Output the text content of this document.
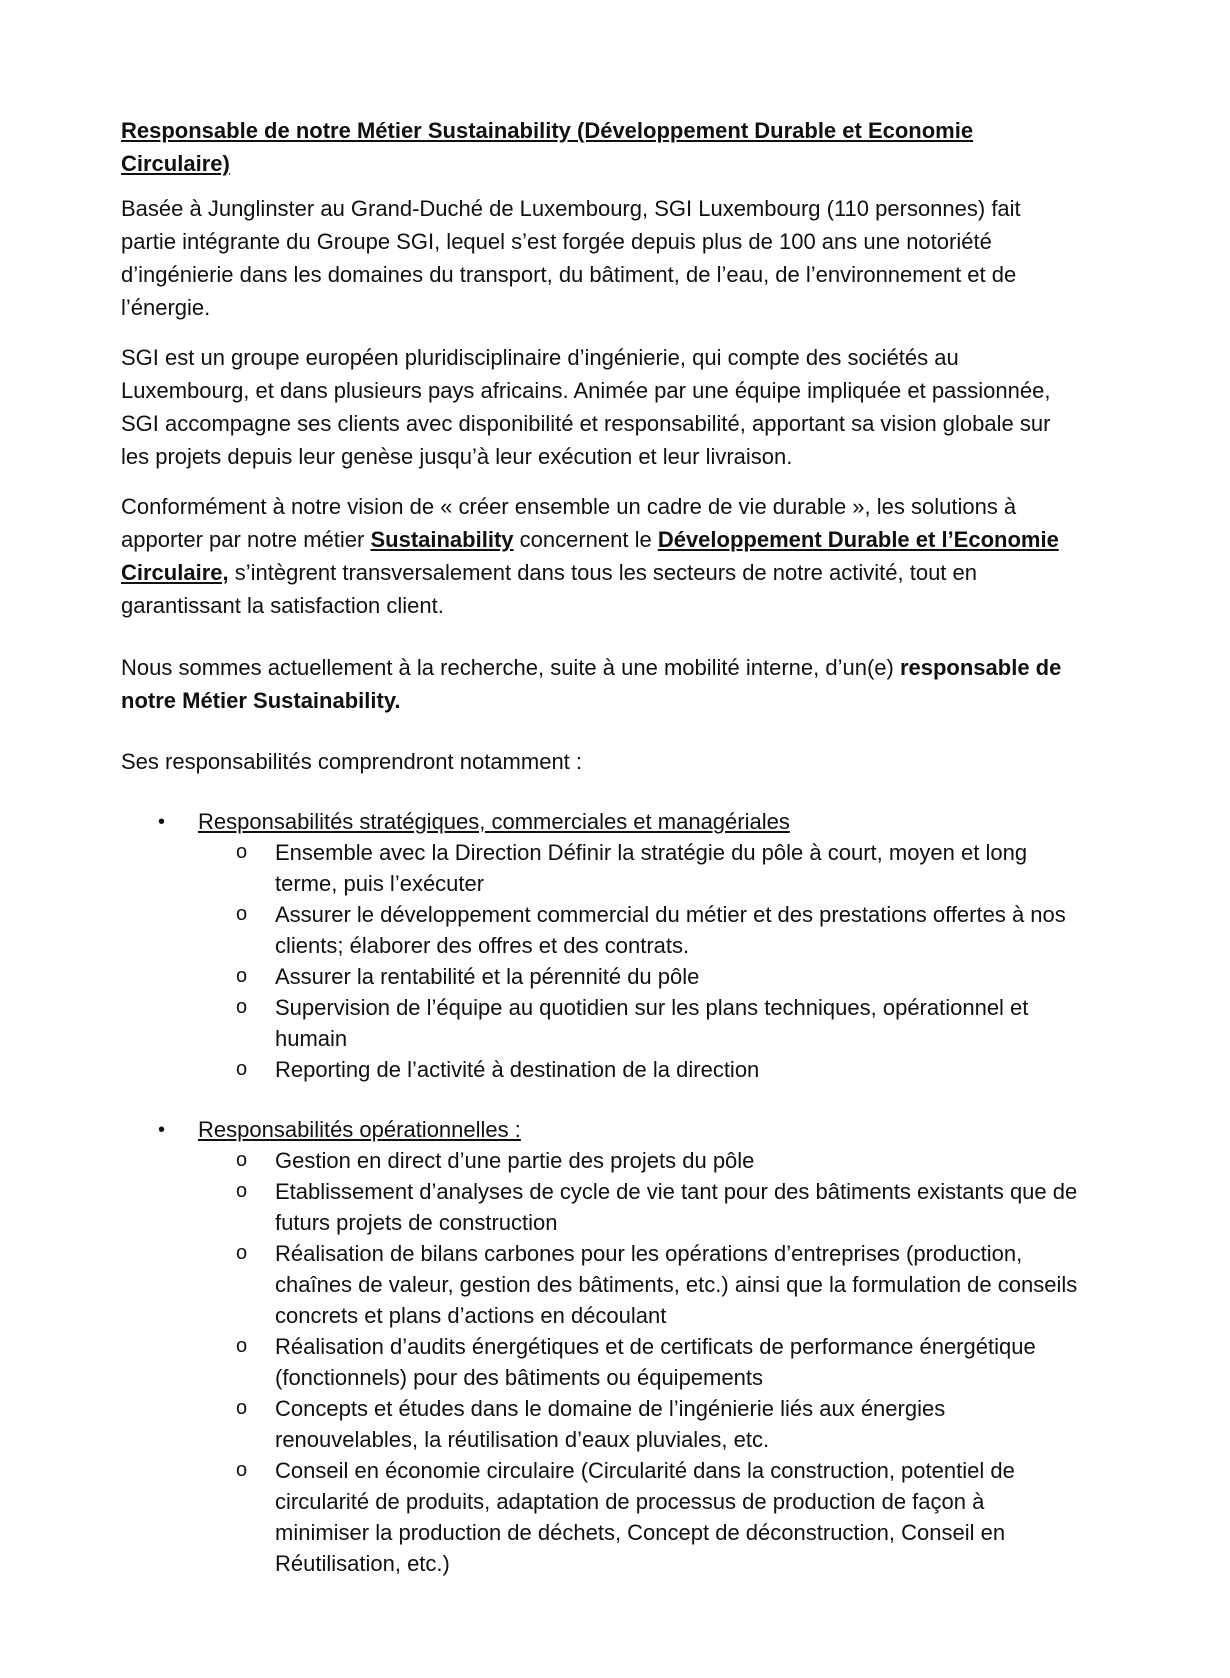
Responsable de notre Métier Sustainability (Développement Durable et Economie Circulaire)

Basée à Junglinster au Grand-Duché de Luxembourg, SGI Luxembourg (110 personnes) fait partie intégrante du Groupe SGI, lequel s’est forgée depuis plus de 100 ans une notoriété d’ingénierie dans les domaines du transport, du bâtiment, de l’eau, de l’environnement et de l’énergie.

SGI est un groupe européen pluridisciplinaire d’ingénierie, qui compte des sociétés au Luxembourg, et dans plusieurs pays africains. Animée par une équipe impliquée et passionnée, SGI accompagne ses clients avec disponibilité et responsabilité, apportant sa vision globale sur les projets depuis leur genèse jusqu’à leur exécution et leur livraison.

Conformément à notre vision de « créer ensemble un cadre de vie durable », les solutions à apporter par notre métier Sustainability concernent le Développement Durable et l’Economie Circulaire, s’intègrent transversalement dans tous les secteurs de notre activité, tout en garantissant la satisfaction client.

Nous sommes actuellement à la recherche, suite à une mobilité interne, d’un(e) responsable de notre Métier Sustainability.

Ses responsabilités comprendront notamment :
• Responsabilités stratégiques, commerciales et managériales
o Ensemble avec la Direction Définir la stratégie du pôle à court, moyen et long terme, puis l’exécuter
o Assurer le développement commercial du métier et des prestations offertes à nos clients; élaborer des offres et des contrats.
o Assurer la rentabilité et la pérennité du pôle
o Supervision de l’équipe au quotidien sur les plans techniques, opérationnel et humain
o Reporting de l’activité à destination de la direction
• Responsabilités opérationnelles :
o Gestion en direct d’une partie des projets du pôle
o Etablissement d’analyses de cycle de vie tant pour des bâtiments existants que de futurs projets de construction
o Réalisation de bilans carbones pour les opérations d’entreprises (production, chaînes de valeur, gestion des bâtiments, etc.) ainsi que la formulation de conseils concrets et plans d’actions en découlant
o Réalisation d’audits énergétiques et de certificats de performance énergétique (fonctionnels) pour des bâtiments ou équipements
o Concepts et études dans le domaine de l’ingénierie liés aux énergies renouvelables, la réutilisation d’eaux pluviales, etc.
o Conseil en économie circulaire (Circularité dans la construction, potentiel de circularité de produits, adaptation de processus de production de façon à minimiser la production de déchets, Concept de déconstruction, Conseil en Réutilisation, etc.)
